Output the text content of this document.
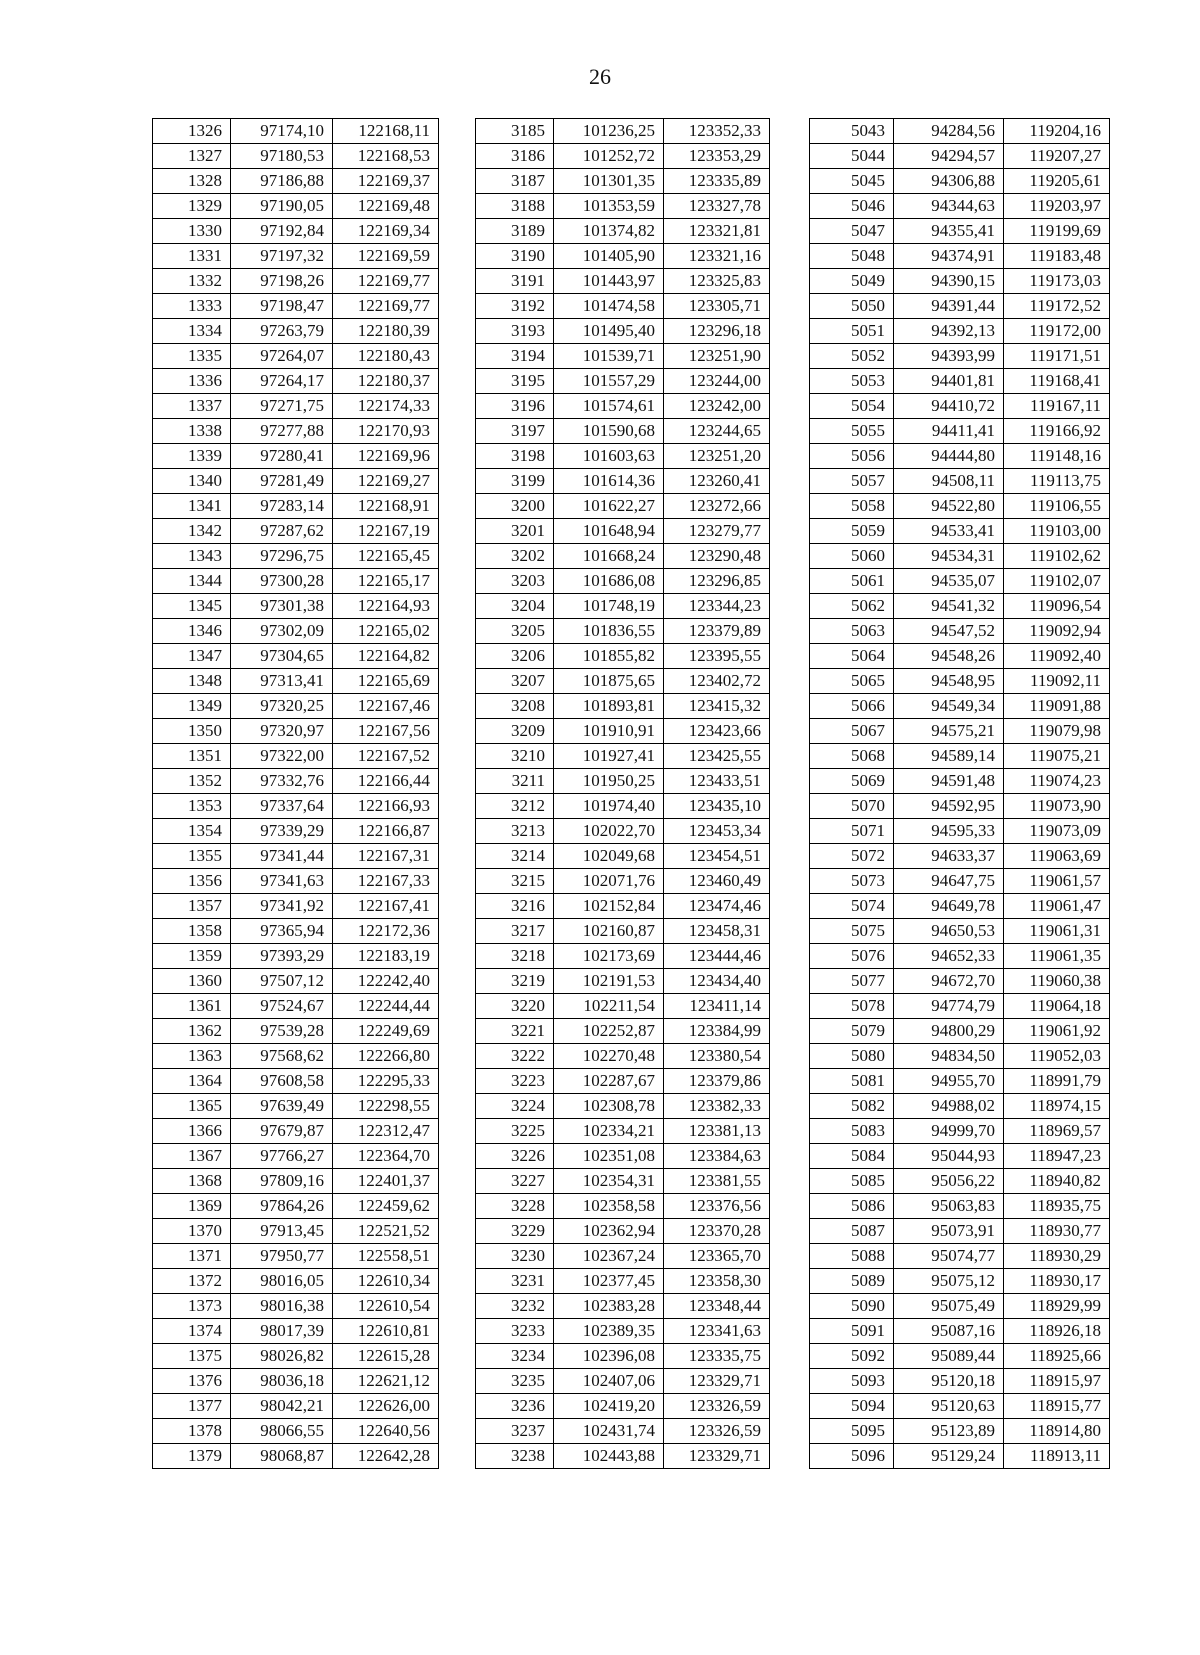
26
1326	97174,10	122168,11
1327	97180,53	122168,53
1328	97186,88	122169,37
1329	97190,05	122169,48
1330	97192,84	122169,34
1331	97197,32	122169,59
1332	97198,26	122169,77
1333	97198,47	122169,77
1334	97263,79	122180,39
1335	97264,07	122180,43
1336	97264,17	122180,37
1337	97271,75	122174,33
1338	97277,88	122170,93
1339	97280,41	122169,96
1340	97281,49	122169,27
1341	97283,14	122168,91
1342	97287,62	122167,19
1343	97296,75	122165,45
1344	97300,28	122165,17
1345	97301,38	122164,93
1346	97302,09	122165,02
1347	97304,65	122164,82
1348	97313,41	122165,69
1349	97320,25	122167,46
1350	97320,97	122167,56
1351	97322,00	122167,52
1352	97332,76	122166,44
1353	97337,64	122166,93
1354	97339,29	122166,87
1355	97341,44	122167,31
1356	97341,63	122167,33
1357	97341,92	122167,41
1358	97365,94	122172,36
1359	97393,29	122183,19
1360	97507,12	122242,40
1361	97524,67	122244,44
1362	97539,28	122249,69
1363	97568,62	122266,80
1364	97608,58	122295,33
1365	97639,49	122298,55
1366	97679,87	122312,47
1367	97766,27	122364,70
1368	97809,16	122401,37
1369	97864,26	122459,62
1370	97913,45	122521,52
1371	97950,77	122558,51
1372	98016,05	122610,34
1373	98016,38	122610,54
1374	98017,39	122610,81
1375	98026,82	122615,28
1376	98036,18	122621,12
1377	98042,21	122626,00
1378	98066,55	122640,56
1379	98068,87	122642,28
3185	101236,25	123352,33
3186	101252,72	123353,29
3187	101301,35	123335,89
3188	101353,59	123327,78
3189	101374,82	123321,81
3190	101405,90	123321,16
3191	101443,97	123325,83
3192	101474,58	123305,71
3193	101495,40	123296,18
3194	101539,71	123251,90
3195	101557,29	123244,00
3196	101574,61	123242,00
3197	101590,68	123244,65
3198	101603,63	123251,20
3199	101614,36	123260,41
3200	101622,27	123272,66
3201	101648,94	123279,77
3202	101668,24	123290,48
3203	101686,08	123296,85
3204	101748,19	123344,23
3205	101836,55	123379,89
3206	101855,82	123395,55
3207	101875,65	123402,72
3208	101893,81	123415,32
3209	101910,91	123423,66
3210	101927,41	123425,55
3211	101950,25	123433,51
3212	101974,40	123435,10
3213	102022,70	123453,34
3214	102049,68	123454,51
3215	102071,76	123460,49
3216	102152,84	123474,46
3217	102160,87	123458,31
3218	102173,69	123444,46
3219	102191,53	123434,40
3220	102211,54	123411,14
3221	102252,87	123384,99
3222	102270,48	123380,54
3223	102287,67	123379,86
3224	102308,78	123382,33
3225	102334,21	123381,13
3226	102351,08	123384,63
3227	102354,31	123381,55
3228	102358,58	123376,56
3229	102362,94	123370,28
3230	102367,24	123365,70
3231	102377,45	123358,30
3232	102383,28	123348,44
3233	102389,35	123341,63
3234	102396,08	123335,75
3235	102407,06	123329,71
3236	102419,20	123326,59
3237	102431,74	123326,59
3238	102443,88	123329,71
5043	94284,56	119204,16
5044	94294,57	119207,27
5045	94306,88	119205,61
5046	94344,63	119203,97
5047	94355,41	119199,69
5048	94374,91	119183,48
5049	94390,15	119173,03
5050	94391,44	119172,52
5051	94392,13	119172,00
5052	94393,99	119171,51
5053	94401,81	119168,41
5054	94410,72	119167,11
5055	94411,41	119166,92
5056	94444,80	119148,16
5057	94508,11	119113,75
5058	94522,80	119106,55
5059	94533,41	119103,00
5060	94534,31	119102,62
5061	94535,07	119102,07
5062	94541,32	119096,54
5063	94547,52	119092,94
5064	94548,26	119092,40
5065	94548,95	119092,11
5066	94549,34	119091,88
5067	94575,21	119079,98
5068	94589,14	119075,21
5069	94591,48	119074,23
5070	94592,95	119073,90
5071	94595,33	119073,09
5072	94633,37	119063,69
5073	94647,75	119061,57
5074	94649,78	119061,47
5075	94650,53	119061,31
5076	94652,33	119061,35
5077	94672,70	119060,38
5078	94774,79	119064,18
5079	94800,29	119061,92
5080	94834,50	119052,03
5081	94955,70	118991,79
5082	94988,02	118974,15
5083	94999,70	118969,57
5084	95044,93	118947,23
5085	95056,22	118940,82
5086	95063,83	118935,75
5087	95073,91	118930,77
5088	95074,77	118930,29
5089	95075,12	118930,17
5090	95075,49	118929,99
5091	95087,16	118926,18
5092	95089,44	118925,66
5093	95120,18	118915,97
5094	95120,63	118915,77
5095	95123,89	118914,80
5096	95129,24	118913,11
